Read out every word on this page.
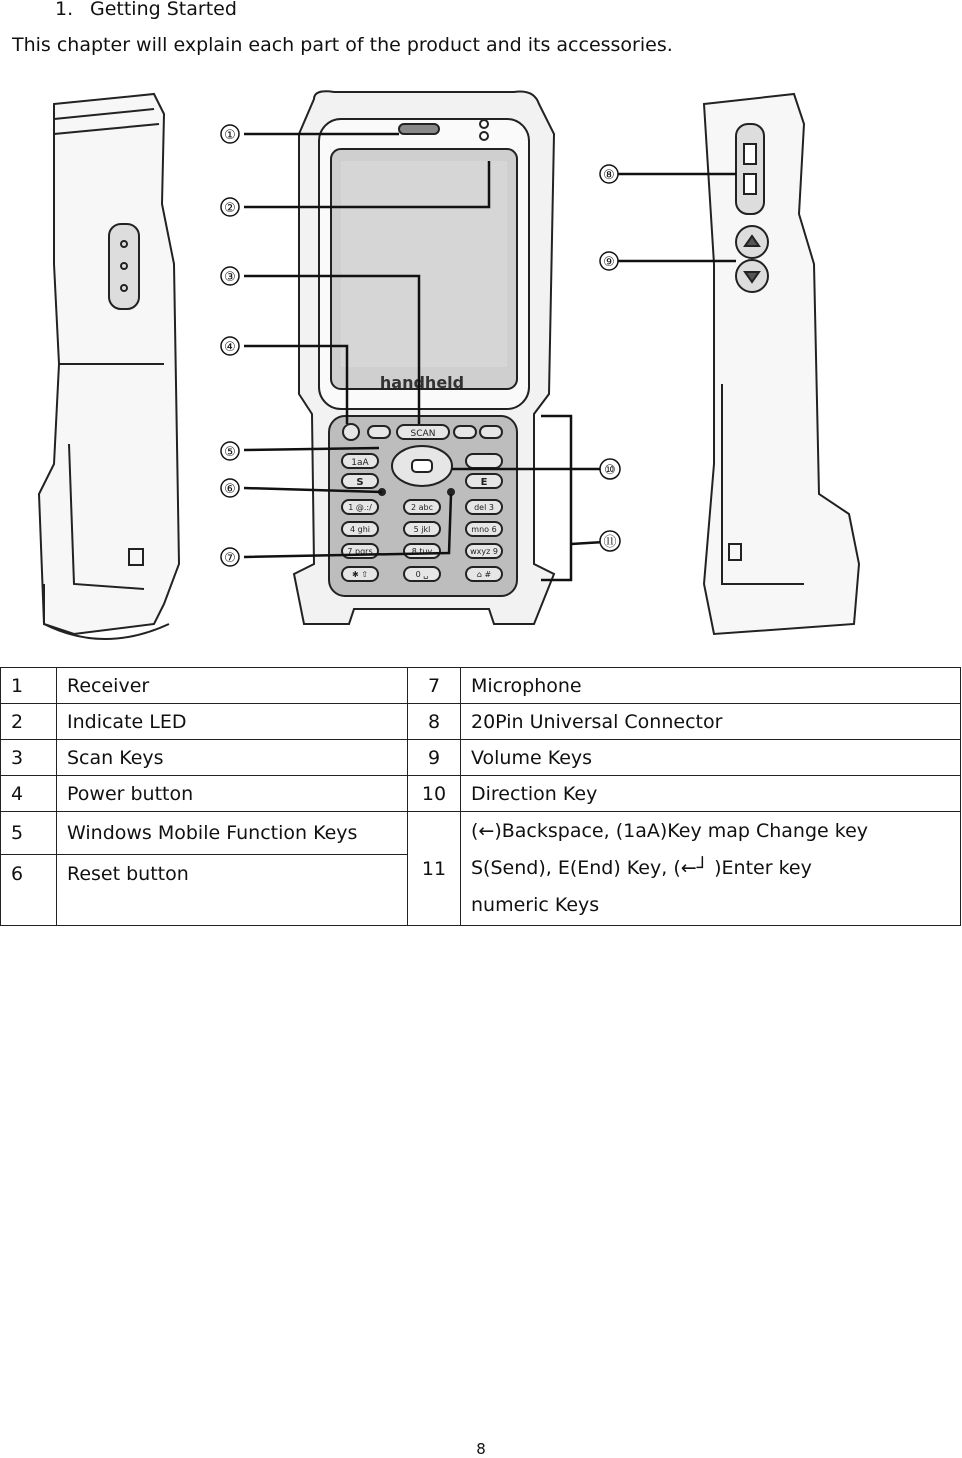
1. Getting Started
This chapter will explain each part of the product and its accessories.
handheld
SCAN
1aA
S	E
1 @.:/	2 abc	del 3
4 ghi	5 jkl	mno 6
7 pqrs	8 tuv	wxyz 9
✱ ⇧	0 ␣	⌂ #
①
②
③
④
⑤
⑥
⑦
⑧
⑨
⑩
⑪
1	Receiver	7	Microphone
2	Indicate LED	8	20Pin Universal Connector
3	Scan Keys	9	Volume Keys
4	Power button	10	Direction Key
5	Windows Mobile Function Keys	11	(←)Backspace, (1aA)Key map Change key
S(Send), E(End) Key, (←┘ )Enter key
numeric Keys

6	Reset button		
8
